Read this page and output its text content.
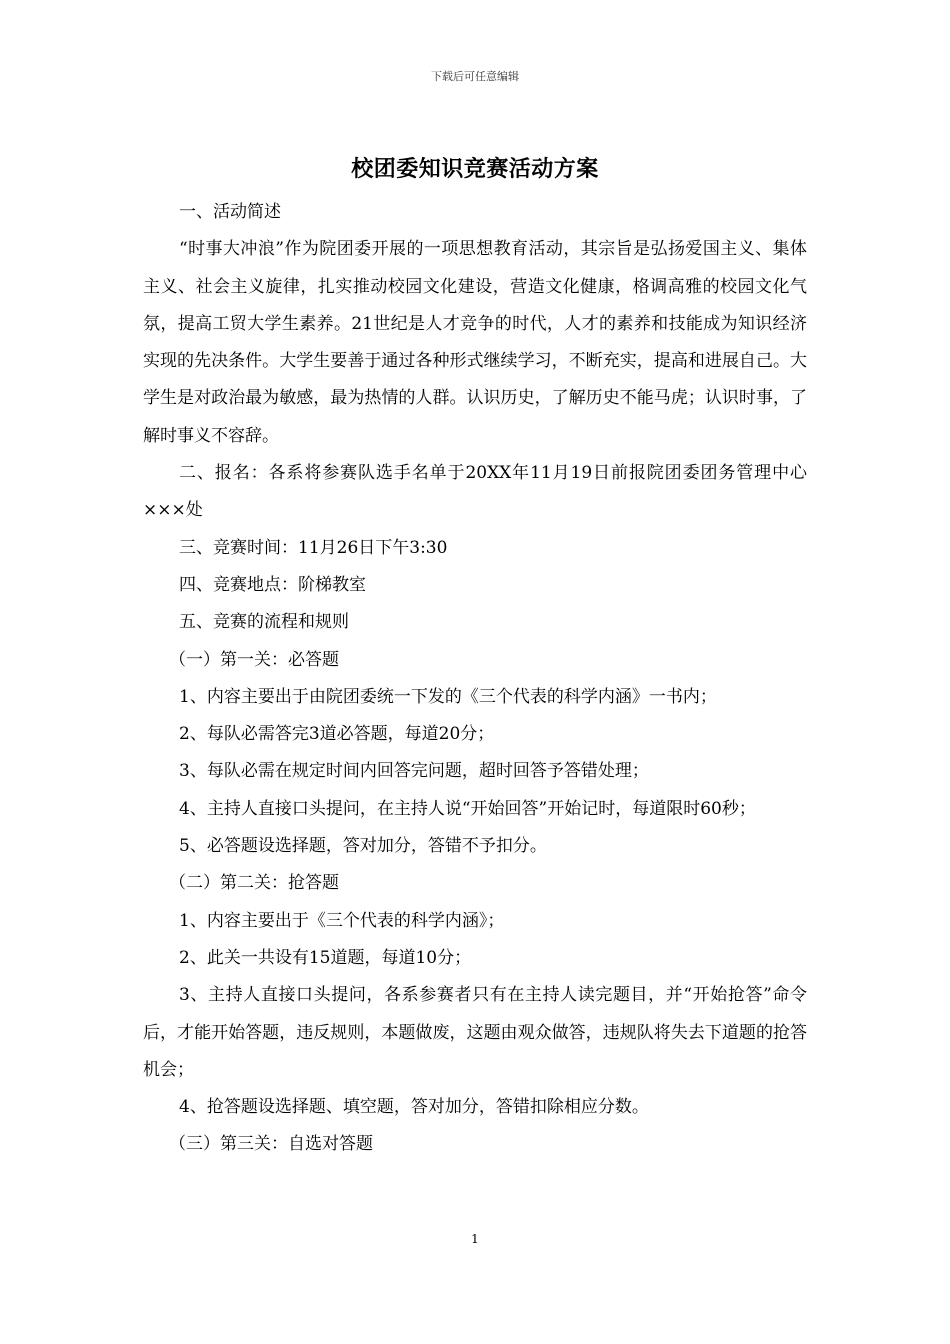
下载后可任意编辑
校团委知识竞赛活动方案

一、活动简述

“时事大冲浪”作为院团委开展的一项思想教育活动，其宗旨是弘扬爱国主义、集体主义、社会主义旋律，扎实推动校园文化建设，营造文化健康，格调高雅的校园文化气氛，提高工贸大学生素养。21世纪是人才竞争的时代，人才的素养和技能成为知识经济实现的先决条件。大学生要善于通过各种形式继续学习，不断充实，提高和进展自己。大学生是对政治最为敏感，最为热情的人群。认识历史，了解历史不能马虎；认识时事，了解时事义不容辞。

二、报名：各系将参赛队选手名单于20XX年11月19日前报院团委团务管理中心×××处

三、竞赛时间：11月26日下午3:30

四、竞赛地点：阶梯教室

五、竞赛的流程和规则

（一）第一关：必答题

1、内容主要出于由院团委统一下发的《三个代表的科学内涵》一书内；

2、每队必需答完3道必答题，每道20分；

3、每队必需在规定时间内回答完问题，超时回答予答错处理；

4、主持人直接口头提问，在主持人说“开始回答”开始记时，每道限时60秒；

5、必答题设选择题，答对加分，答错不予扣分。

（二）第二关：抢答题

1、内容主要出于《三个代表的科学内涵》；

2、此关一共设有15道题，每道10分；

3、主持人直接口头提问，各系参赛者只有在主持人读完题目，并“开始抢答”命令后，才能开始答题，违反规则，本题做废，这题由观众做答，违规队将失去下道题的抢答机会；

4、抢答题设选择题、填空题，答对加分，答错扣除相应分数。

（三）第三关：自选对答题

1
